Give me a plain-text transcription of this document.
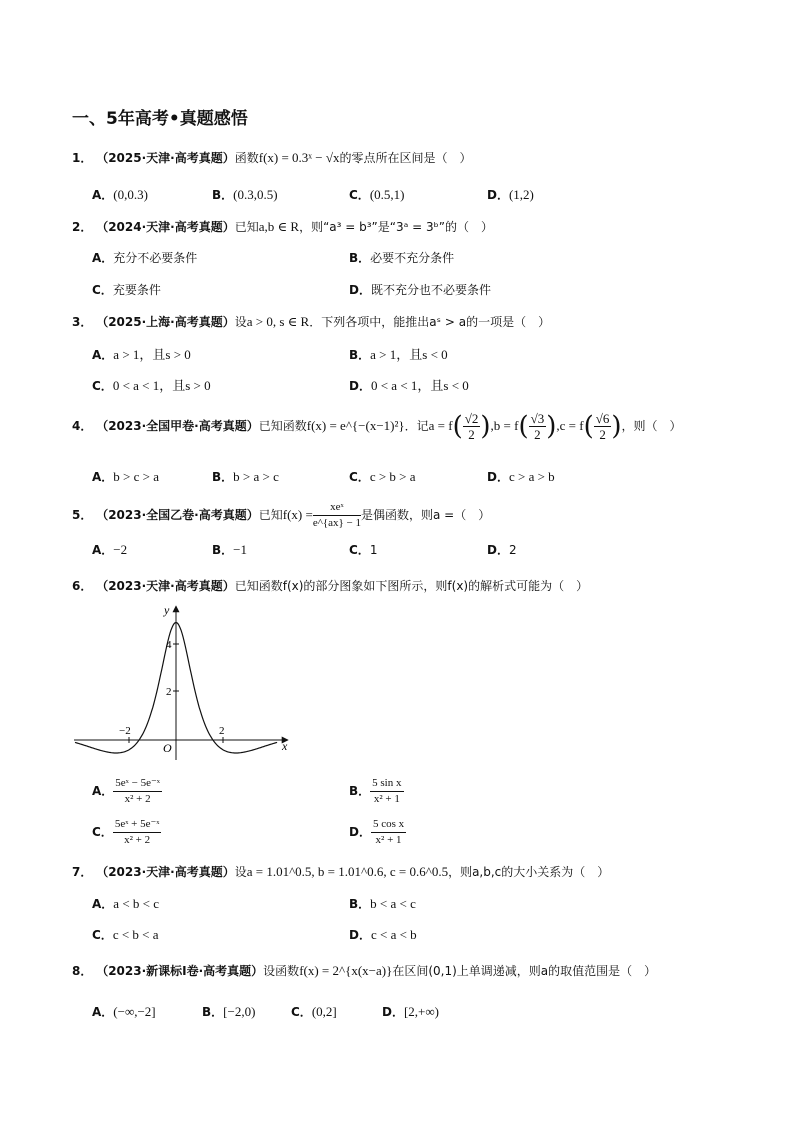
一、5年高考•真题感悟
1． （2025·天津·高考真题）函数f(x) = 0.3ˣ − √x的零点所在区间是（　）
A．(0,0.3)	B．(0.3,0.5)	C．(0.5,1)	D．(1,2)
2． （2024·天津·高考真题）已知a,b ∈ R，则“a³ = b³”是“3ᵃ = 3ᵇ”的（　）
A．充分不必要条件	B．必要不充分条件
C．充要条件	D．既不充分也不必要条件
3． （2025·上海·高考真题）设a > 0, s ∈ R．下列各项中，能推出aˢ > a的一项是（　）
A．a > 1，且s > 0	B．a > 1，且s < 0
C．0 < a < 1，且s > 0	D．0 < a < 1，且s < 0
4． （2023·全国甲卷·高考真题）已知函数f(x) = e^{−(x−1)²}．记$a = f( \frac{√2}{2} ),b = f( \frac{√3}{2} ),c = f( \frac{√6}{2}$ )，则（　）
A．b > c > a	B．b > a > c	C．c > b > a	D．c > a > b
5． （2023·全国乙卷·高考真题）已知$f(x) = \frac{\text{xeˣ}}{e\^{}\{ax\} - 1}$ 是偶函数，则a =（　）
A．−2	B．−1	C．1	D．2
6． （2023·天津·高考真题）已知函数f(x)的部分图象如下图所示，则f(x)的解析式可能为（　）
y
x
O
4
2
−2	2
A． $\frac{\text{5eˣ − 5e⁻ˣ}}{\text{x² + 2}}$	B． $\frac{\text{5 sin x}}{\text{x² + 1}}$
C． $\frac{\text{5eˣ + 5e⁻ˣ}}{\text{x² + 2}}$	D． $\frac{\text{5 cos x}}{\text{x² + 1}}$
7． （2023·天津·高考真题）设a = 1.01^0.5, b = 1.01^0.6, c = 0.6^0.5，则a,b,c的大小关系为（　）
A．a < b < c	B．b < a < c
C．c < b < a	D．c < a < b
8． （2023·新课标Ⅰ卷·高考真题）设函数f(x) = 2^{x(x−a)}在区间(0,1)上单调递减，则a的取值范围是（　）
A．(−∞,−2]	B．[−2,0)	C．(0,2]	D．[2,+∞)
